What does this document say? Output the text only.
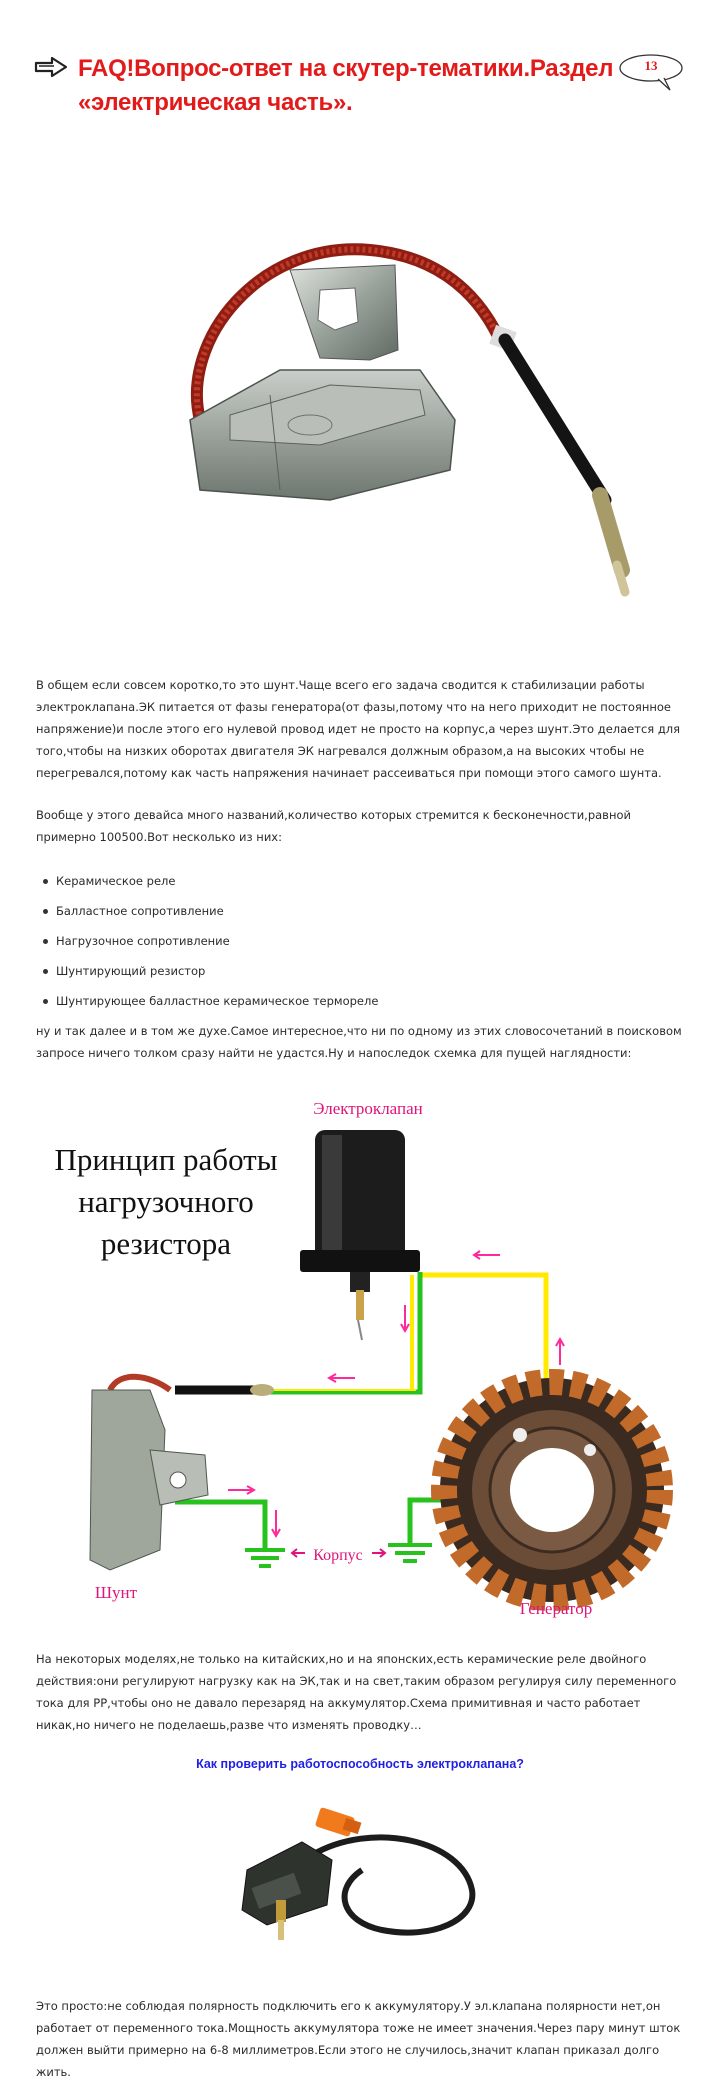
FAQ!Вопрос-ответ на скутер-тематики.Раздел «электрическая часть».
13
В общем если совсем коротко,то это шунт.Чаще всего его задача сводится к стабилизации работы электроклапана.ЭК питается от фазы генератора(от фазы,потому что на него приходит не постоянное напряжение)и после этого его нулевой провод идет не просто на корпус,а через шунт.Это делается для того,чтобы на низких оборотах двигателя ЭК нагревался должным образом,а на высоких чтобы не перегревался,потому как часть напряжения начинает рассеиваться при помощи этого самого шунта.
Вообще у этого девайса много названий,количество которых стремится к бесконечности,равной примерно 100500.Вот несколько из них:
Керамическое реле
Балластное сопротивление
Нагрузочное сопротивление
Шунтирующий резистор
Шунтирующее балластное керамическое термореле
ну и так далее и в том же духе.Самое интересное,что ни по одному из этих словосочетаний в поисковом запросе ничего толком сразу найти не удастся.Ну и напоследок схемка для пущей наглядности:
Принцип работы
нагрузочного
резистора
Электроклапан
Корпус
Шунт
Генератор
На некоторых моделях,не только на китайских,но и на японских,есть керамические реле двойного действия:они регулируют нагрузку как на ЭК,так и на свет,таким образом регулируя силу переменного тока для РР,чтобы оно не давало перезаряд на аккумулятор.Схема примитивная и часто работает никак,но ничего не поделаешь,разве что изменять проводку…
Как проверить работоспособность электроклапана?
Это просто:не соблюдая полярность подключить его к аккумулятору.У эл.клапана полярности нет,он работает от переменного тока.Мощность аккумулятора тоже не имеет значения.Через пару минут шток должен выйти примерно на 6-8 миллиметров.Если этого не случилось,значит клапан приказал долго жить.
